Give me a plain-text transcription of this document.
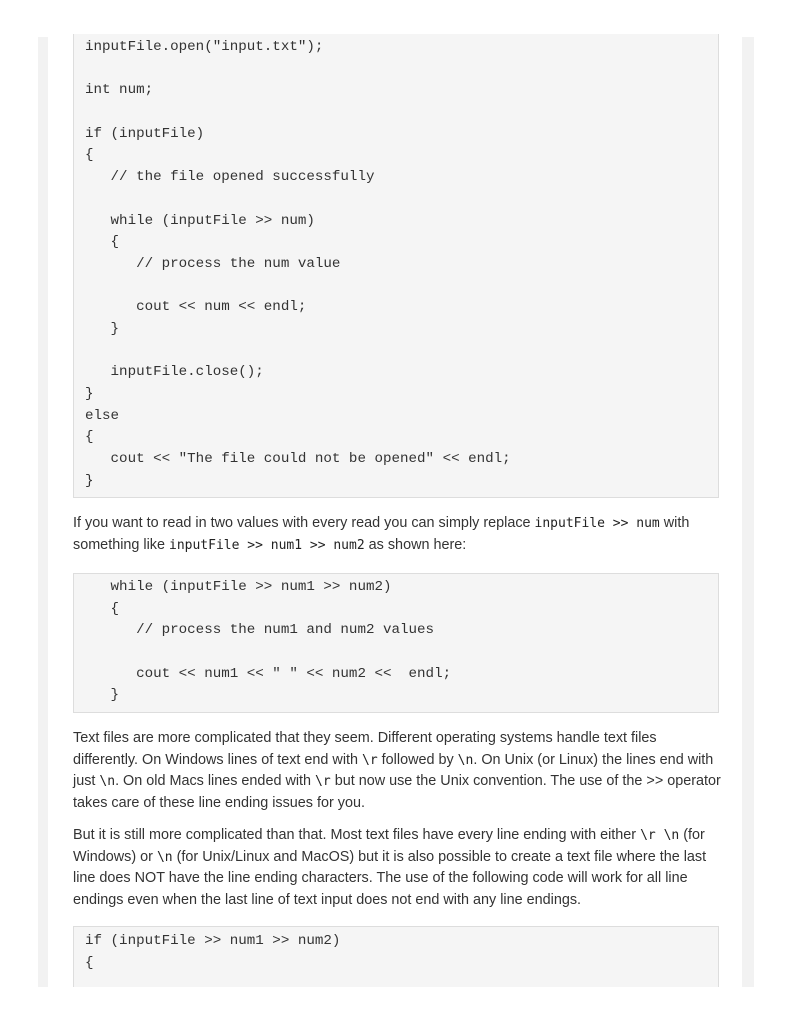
inputFile.open("input.txt");
int num;
if (inputFile)
{
// the file opened successfully
while (inputFile >> num)
{
// process the num value
cout << num << endl;
}
inputFile.close();
}
else
{
cout << "The file could not be opened" << endl;
}

If you want to read in two values with every read you can simply replace inputFile >> num with something like inputFile >> num1 >> num2 as shown here:

while (inputFile >> num1 >> num2)
{
// process the num1 and num2 values
cout << num1 << " " << num2 <<  endl;
}

Text files are more complicated that they seem. Different operating systems handle text files differently. On Windows lines of text end with \r followed by \n. On Unix (or Linux) the lines end with just \n. On old Macs lines ended with \r but now use the Unix convention. The use of the >> operator takes care of these line ending issues for you.

But it is still more complicated than that. Most text files have every line ending with either \r \n (for Windows) or \n (for Unix/Linux and MacOS) but it is also possible to create a text file where the last line does NOT have the line ending characters. The use of the following code will work for all line endings even when the last line of text input does not end with any line endings.

if (inputFile >> num1 >> num2)
{
